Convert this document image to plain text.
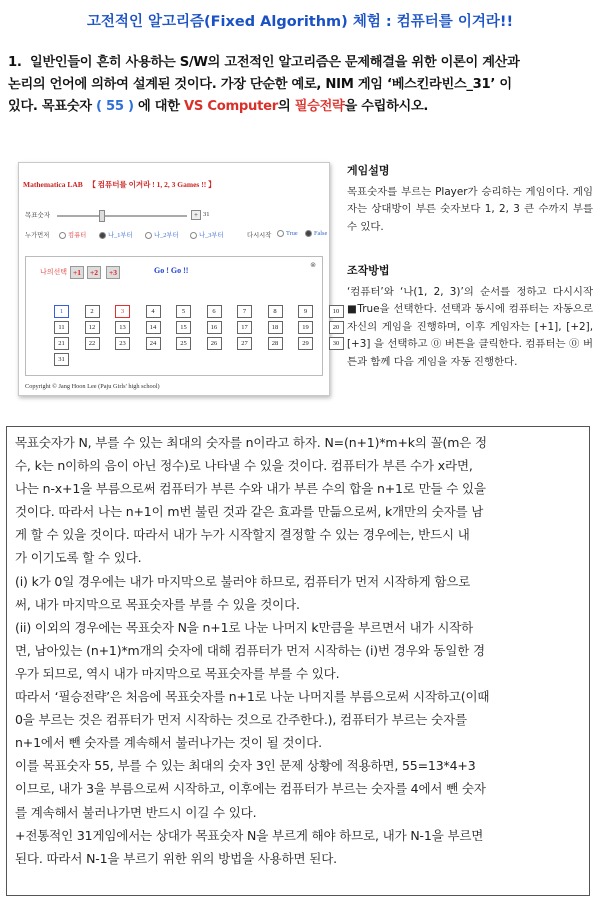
고전적인 알고리즘(Fixed Algorithm) 체험 : 컴퓨터를 이겨라!!
1. 일반인들이 흔히 사용하는 S/W의 고전적인 알고리즘은 문제해결을 위한 이론이 계산과
논리의 언어에 의하여 설계된 것이다. 가장 단순한 예로, NIM 게임 ‘베스킨라빈스_31’ 이
있다. 목표숫자 ( 55 ) 에 대한 VS Computer의 필승전략을 수립하시오.
Mathematica LAB 【 컴퓨터를 이겨라 ! 1, 2, 3 Games !! 】
목표숫자	+ 31
누가먼저	컴퓨터	나_1부터	나_2부터	나_3부터	다시시작	True	False
나의선택 +1	+2	+3	Go ! Go !!
⊗
1	2	3	4	5	6	7	8	9	10
11	12	13	14	15	16	17	18	19	20
21	22	23	24	25	26	27	28	29	30
31
Copyright © Jang Hoon Lee (Paju Girls' high school)
게임설명

목표숫자를 부르는 Player가 승리하는 게임이다. 게임자는 상대방이 부른 숫자보다 1, 2, 3 큰 수까지 부를 수 있다.

조작방법

‘컴퓨터’와 ‘나(1, 2, 3)’의 순서를 정하고 다시시작 ■True을 선택한다. 선택과 동시에 컴퓨터는 자동으로 자신의 게임을 진행하며, 이후 게임자는 [+1], [+2], [+3] 을 선택하고 ⓪ 버튼을 클릭한다. 컴퓨터는 ⓪ 버튼과 함께 다음 게임을 자동 진행한다.

목표숫자가 N, 부를 수 있는 최대의 숫자를 n이라고 하자. N=(n+1)*m+k의 꼴(m은 정

수, k는 n이하의 음이 아닌 정수)로 나타낼 수 있을 것이다. 컴퓨터가 부른 수가 x라면,

나는 n-x+1을 부름으로써 컴퓨터가 부른 수와 내가 부른 수의 합을 n+1로 만들 수 있을

것이다. 따라서 나는 n+1이 m번 불린 것과 같은 효과를 만듦으로써, k개만의 숫자를 남

게 할 수 있을 것이다. 따라서 내가 누가 시작할지 결정할 수 있는 경우에는, 반드시 내

가 이기도록 할 수 있다.

(i) k가 0일 경우에는 내가 마지막으로 불러야 하므로, 컴퓨터가 먼저 시작하게 함으로

써, 내가 마지막으로 목표숫자를 부를 수 있을 것이다.

(ii) 이외의 경우에는 목표숫자 N을 n+1로 나눈 나머지 k만큼을 부르면서 내가 시작하

면, 남아있는 (n+1)*m개의 숫자에 대해 컴퓨터가 먼저 시작하는 (i)번 경우와 동일한 경

우가 되므로, 역시 내가 마지막으로 목표숫자를 부를 수 있다.

따라서 ‘필승전략’은 처음에 목표숫자를 n+1로 나눈 나머지를 부름으로써 시작하고(이때

0을 부르는 것은 컴퓨터가 먼저 시작하는 것으로 간주한다.), 컴퓨터가 부르는 숫자를

n+1에서 뺀 숫자를 계속해서 불러나가는 것이 될 것이다.

이를 목표숫자 55, 부를 수 있는 최대의 숫자 3인 문제 상황에 적용하면, 55=13*4+3

이므로, 내가 3을 부름으로써 시작하고, 이후에는 컴퓨터가 부르는 숫자를 4에서 뺀 숫자

를 계속해서 불러나가면 반드시 이길 수 있다.

+전통적인 31게임에서는 상대가 목표숫자 N을 부르게 해야 하므로, 내가 N-1을 부르면

된다. 따라서 N-1을 부르기 위한 위의 방법을 사용하면 된다.
